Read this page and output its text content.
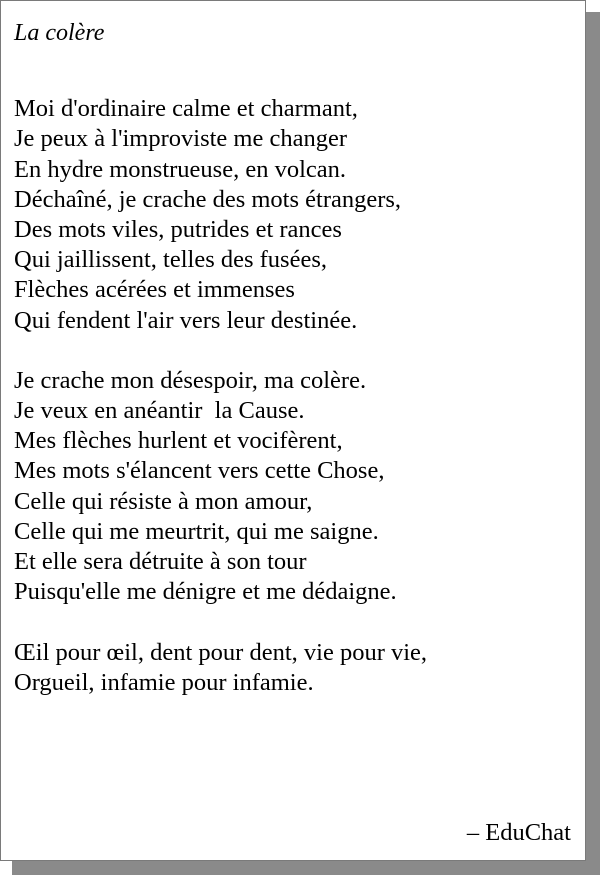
La colère
Moi d'ordinaire calme et charmant,
Je peux à l'improviste me changer
En hydre monstrueuse, en volcan.
Déchaîné, je crache des mots étrangers,
Des mots viles, putrides et rances
Qui jaillissent, telles des fusées,
Flèches acérées et immenses
Qui fendent l'air vers leur destinée.
Je crache mon désespoir, ma colère.
Je veux en anéantir  la Cause.
Mes flèches hurlent et vocifèrent,
Mes mots s'élancent vers cette Chose,
Celle qui résiste à mon amour,
Celle qui me meurtrit, qui me saigne.
Et elle sera détruite à son tour
Puisqu'elle me dénigre et me dédaigne.
Œil pour œil, dent pour dent, vie pour vie,
Orgueil, infamie pour infamie.
– EduChat
